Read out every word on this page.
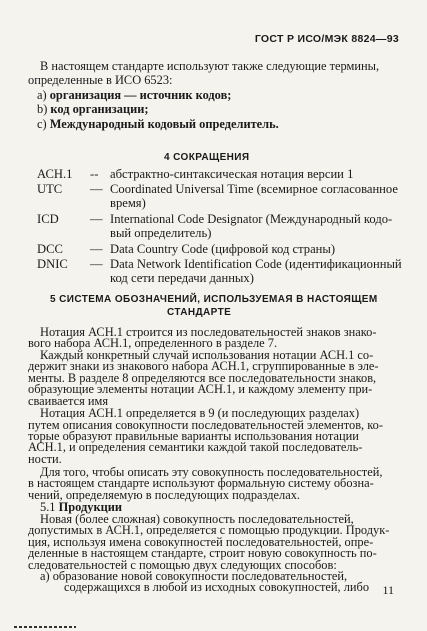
ГОСТ Р ИСО/МЭК 8824—93
В настоящем стандарте используют также следующие термины,
определенные в ИСО 6523:
а) организация — источник кодов;
b) код организации;
с) Международный кодовый определитель.
4 СОКРАЩЕНИЯ
АСН.1 -- абстрактно-синтаксическая нотация версии 1
UTC — Coordinated Universal Time (всемирное согласованное
время)
ICD — International Code Designator (Международный кодо-
вый определитель)
DCC — Data Country Code (цифровой код страны)
DNIC — Data Network Identification Code (идентификационный
код сети передачи данных)
5 СИСТЕМА ОБОЗНАЧЕНИЙ, ИСПОЛЬЗУЕМАЯ В НАСТОЯЩЕМ
СТАНДАРТЕ
Нотация АСН.1 строится из последовательностей знаков знако-
вого набора АСН.1, определенного в разделе 7.
Каждый конкретный случай использования нотации АСН.1 со-
держит знаки из знакового набора АСН.1, сгруппированные в эле-
менты. В разделе 8 определяются все последовательности знаков,
образующие элементы нотации АСН.1, и каждому элементу при-
сваивается имя
Нотация АСН.1 определяется в 9 (и последующих разделах)
путем описания совокупности последовательностей элементов, ко-
торые образуют правильные варианты использования нотации
АСН.1, и определения семантики каждой такой последователь-
ности.
Для того, чтобы описать эту совокупность последовательностей,
в настоящем стандарте используют формальную систему обозна-
чений, определяемую в последующих подразделах.
5.1 Продукции
Новая (более сложная) совокупность последовательностей,
допустимых в АСН.1, определяется с помощью продукции. Продук-
ция, используя имена совокупностей последовательностей, опре-
деленные в настоящем стандарте, строит новую совокупность по-
следовательностей с помощью двух следующих способов:
а) образование новой совокупности последовательностей,
содержащихся в любой из исходных совокупностей, либо 11
